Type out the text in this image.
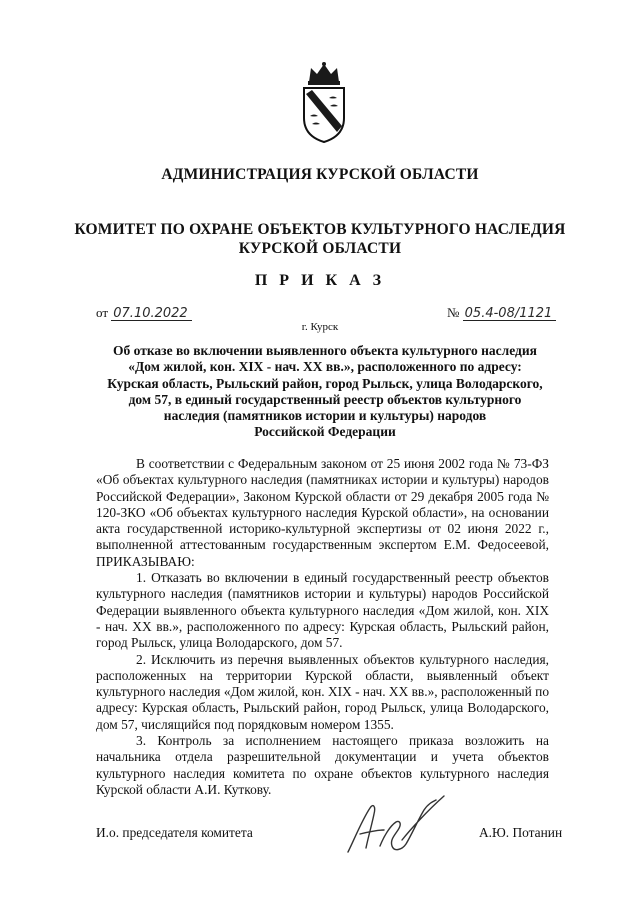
АДМИНИСТРАЦИЯ КУРСКОЙ ОБЛАСТИ
КОМИТЕТ ПО ОХРАНЕ ОБЪЕКТОВ КУЛЬТУРНОГО НАСЛЕДИЯ
КУРСКОЙ ОБЛАСТИ
П Р И К А З
от 07.10.2022	№ 05.4-08/1121
г. Курск
Об отказе во включении выявленного объекта культурного наследия
«Дом жилой, кон. XIX - нач. XX вв.», расположенного по адресу:
Курская область, Рыльский район, город Рыльск, улица Володарского,
дом 57, в единый государственный реестр объектов культурного
наследия (памятников истории и культуры) народов
Российской Федерации

В соответствии с Федеральным законом от 25 июня 2002 года № 73-ФЗ «Об объектах культурного наследия (памятниках истории и культуры) народов Российской Федерации», Законом Курской области от 29 декабря 2005 года № 120-ЗКО «Об объектах культурного наследия Курской области», на основании акта государственной историко-культурной экспертизы от 02 июня 2022 г., выполненной аттестованным государственным экспертом Е.М. Федосеевой, ПРИКАЗЫВАЮ:

1. Отказать во включении в единый государственный реестр объектов культурного наследия (памятников истории и культуры) народов Российской Федерации выявленного объекта культурного наследия «Дом жилой, кон. XIX - нач. XX вв.», расположенного по адресу: Курская область, Рыльский район, город Рыльск, улица Володарского, дом 57.

2. Исключить из перечня выявленных объектов культурного наследия, расположенных на территории Курской области, выявленный объект культурного наследия «Дом жилой, кон. XIX - нач. XX вв.», расположенный по адресу: Курская область, Рыльский район, город Рыльск, улица Володарского, дом 57, числящийся под порядковым номером 1355.

3. Контроль за исполнением настоящего приказа возложить на начальника отдела разрешительной документации и учета объектов культурного наследия комитета по охране объектов культурного наследия Курской области А.И. Куткову.

И.о. председателя комитета	А.Ю. Потанин
